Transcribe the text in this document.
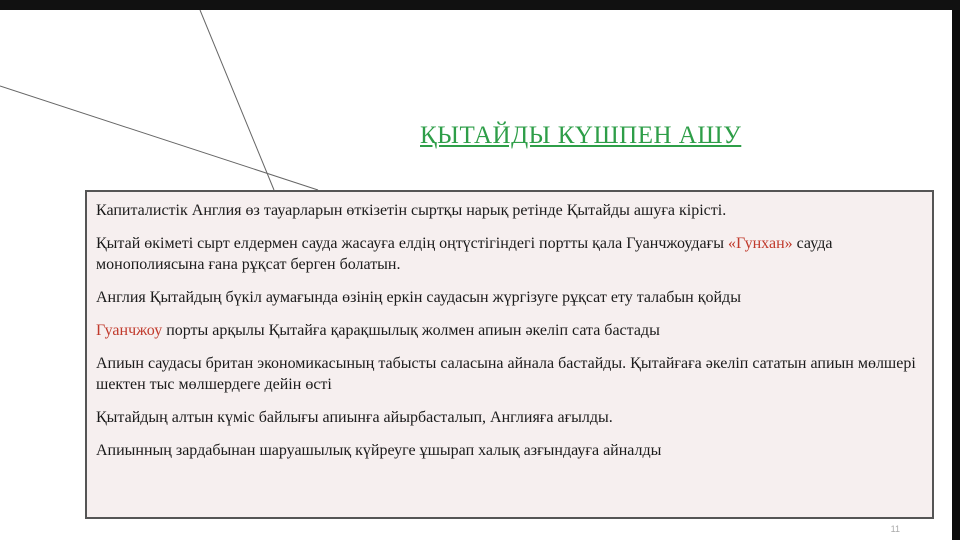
ҚЫТАЙДЫ КҮШПЕН АШУ

Капиталистік Англия өз тауарларын өткізетін сыртқы нарық ретінде Қытайды ашуға кірісті.

Қытай өкіметі сырт елдермен сауда жасауға елдің оңтүстігіндегі портты қала Гуанчжоудағы «Гунхан» сауда монополиясына ғана рұқсат берген болатын.

Англия Қытайдың бүкіл аумағында өзінің еркін саудасын жүргізуге рұқсат ету талабын қойды

Гуанчжоу порты арқылы Қытайға қарақшылық жолмен апиын әкеліп сата бастады

Апиын саудасы британ экономикасының табысты саласына айнала бастайды. Қытайғаға әкеліп сататын апиын мөлшері шектен тыс мөлшердеге дейін өсті

Қытайдың алтын күміс байлығы апиынға айырбасталып, Англияға ағылды.

Апиынның зардабынан шаруашылық күйреуге ұшырап халық азғындауға айналды

11
